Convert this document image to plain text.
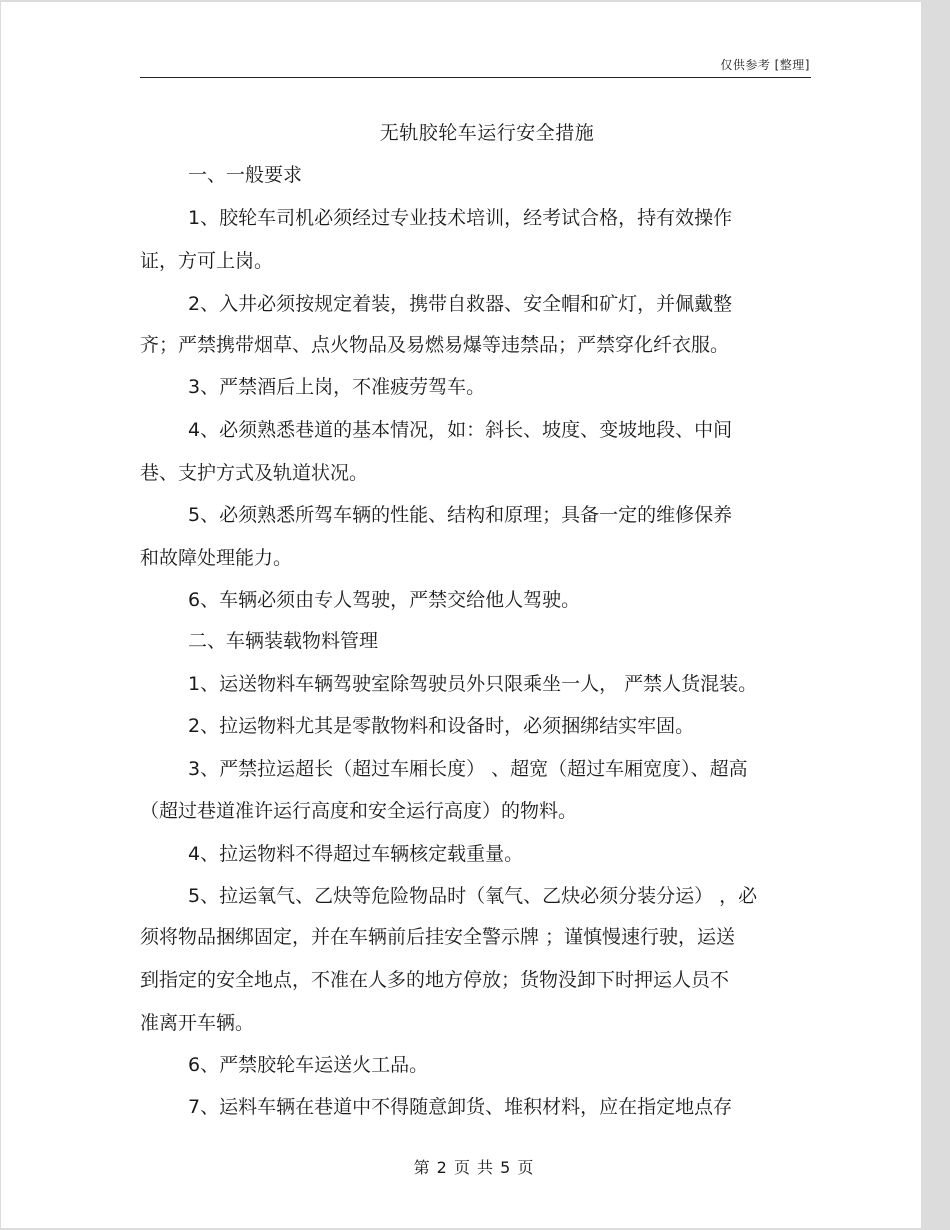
仅供参考 [整理]
无轨胶轮车运行安全措施
一、一般要求
1、胶轮车司机必须经过专业技术培训，经考试合格，持有效操作
证，方可上岗。
2、入井必须按规定着装，携带自救器、安全帽和矿灯，并佩戴整
齐；严禁携带烟草、点火物品及易燃易爆等违禁品；严禁穿化纤衣服。
3、严禁酒后上岗，不准疲劳驾车。
4、必须熟悉巷道的基本情况，如：斜长、坡度、变坡地段、中间
巷、支护方式及轨道状况。
5、必须熟悉所驾车辆的性能、结构和原理；具备一定的维修保养
和故障处理能力。
6、车辆必须由专人驾驶，严禁交给他人驾驶。
二、车辆装载物料管理
1、运送物料车辆驾驶室除驾驶员外只限乘坐一人， 严禁人货混装。
2、拉运物料尤其是零散物料和设备时，必须捆绑结实牢固。
3、严禁拉运超长（超过车厢长度） 、超宽（超过车厢宽度）、超高
（超过巷道准许运行高度和安全运行高度）的物料。
4、拉运物料不得超过车辆核定载重量。
5、拉运氧气、乙炔等危险物品时（氧气、乙炔必须分装分运） ，必
须将物品捆绑固定，并在车辆前后挂安全警示牌 ；谨慎慢速行驶，运送
到指定的安全地点，不准在人多的地方停放；货物没卸下时押运人员不
准离开车辆。
6、严禁胶轮车运送火工品。
7、运料车辆在巷道中不得随意卸货、堆积材料，应在指定地点存
第 2 页 共 5 页
